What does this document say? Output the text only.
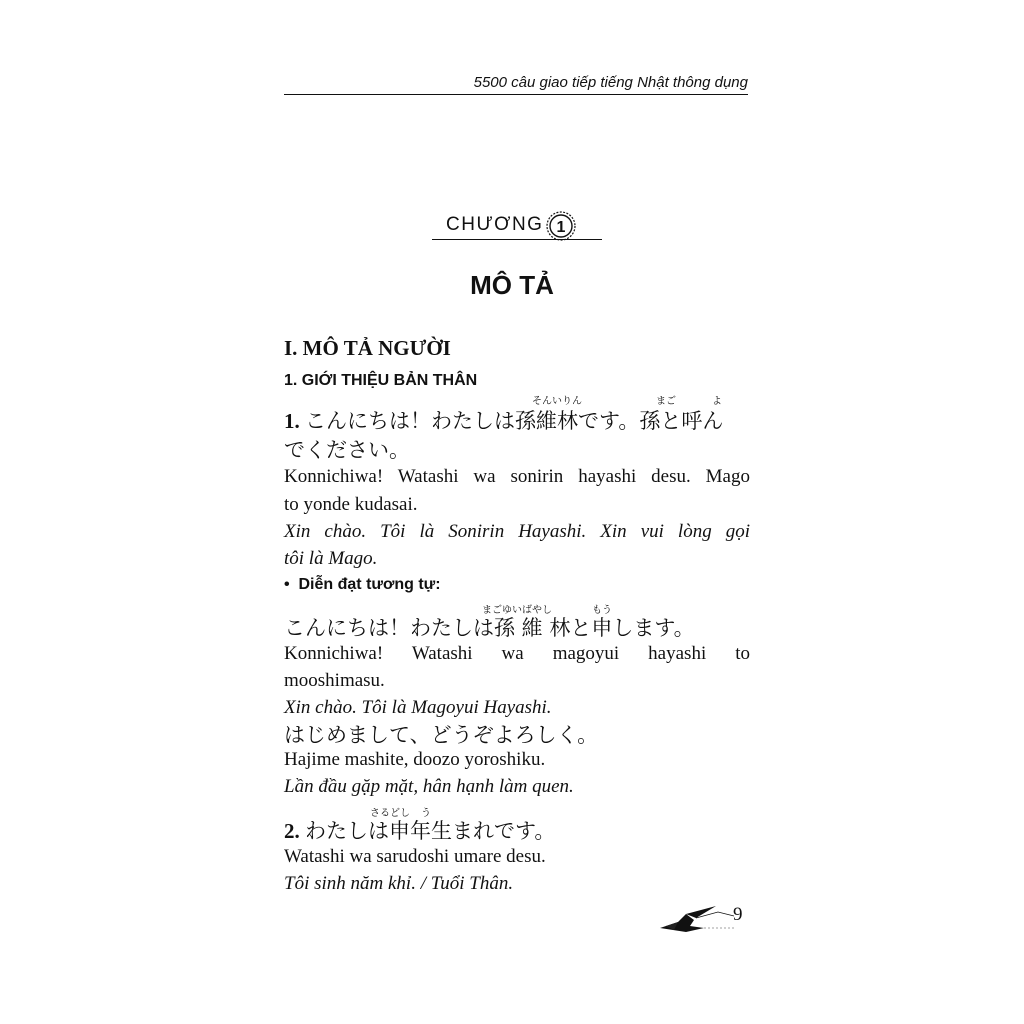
5500 câu giao tiếp tiếng Nhật thông dụng
CHƯƠNG 1
MÔ TẢ
I. MÔ TẢ NGƯỜI
1. GIỚI THIỆU BẢN THÂN
そんいりん	まご	よ
1. こんにちは！わたしは孫維林です。孫と呼ん
でください。
Konnichiwa! Watashi wa sonirin hayashi desu. Mago
to yonde kudasai.
Xin chào. Tôi là Sonirin Hayashi. Xin vui lòng gọi
tôi là Mago.
• Diễn đạt tương tự:
まごゆいばやし	もう
こんにちは！わたしは孫 維 林と申します。
Konnichiwa! Watashi wa magoyui hayashi to
mooshimasu.
Xin chào. Tôi là Magoyui Hayashi.
はじめまして、どうぞよろしく。
Hajime mashite, doozo yoroshiku.
Lần đầu gặp mặt, hân hạnh làm quen.
さるどし う
2. わたしは申年生まれです。
Watashi wa sarudoshi umare desu.
Tôi sinh năm khỉ. / Tuổi Thân.
9
